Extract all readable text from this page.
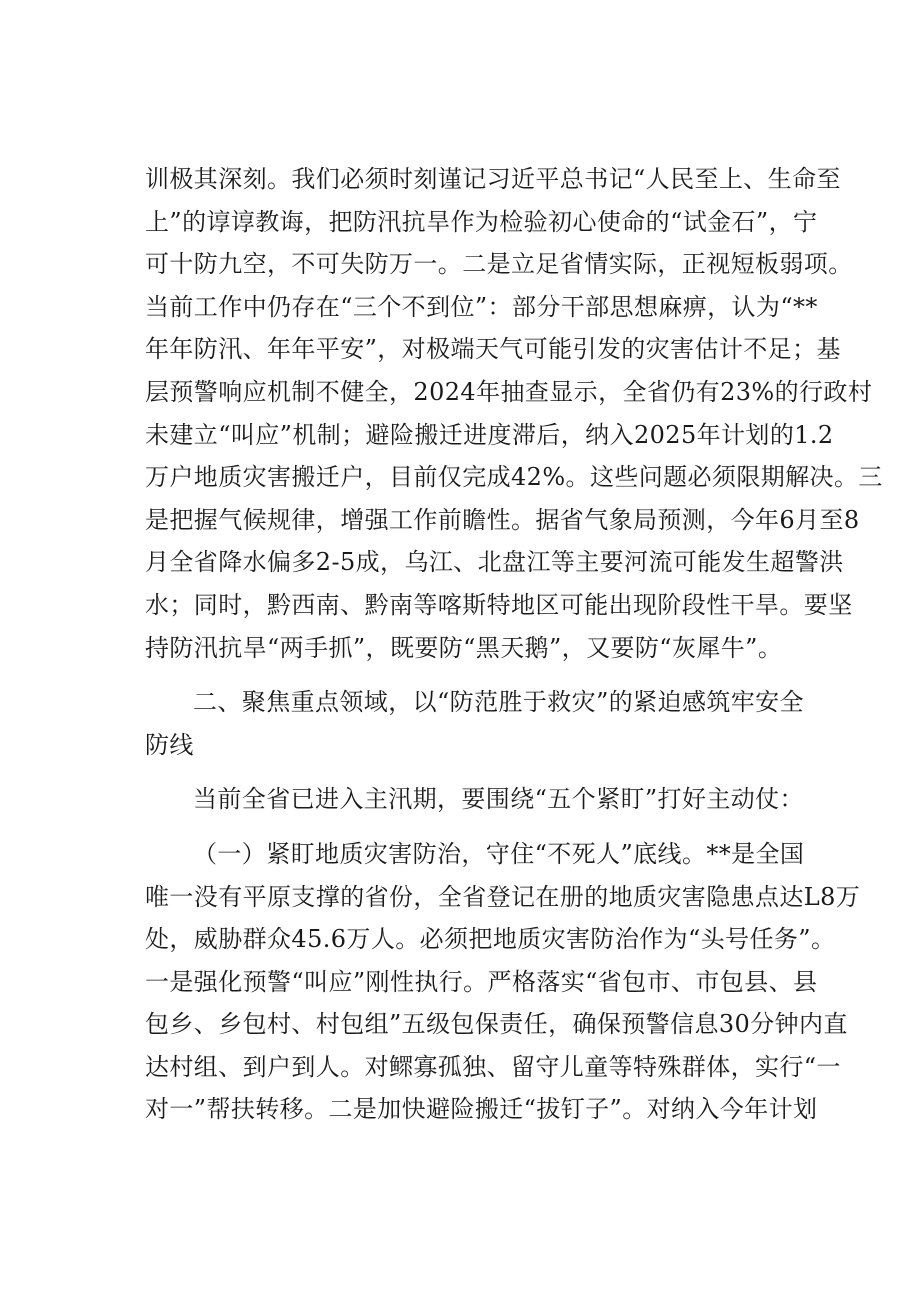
训极其深刻。我们必须时刻谨记习近平总书记“人民至上、生命至
上”的谆谆教诲，把防汛抗旱作为检验初心使命的“试金石”，宁
可十防九空，不可失防万一。二是立足省情实际，正视短板弱项。
当前工作中仍存在“三个不到位”：部分干部思想麻痹，认为“**
年年防汛、年年平安”，对极端天气可能引发的灾害估计不足；基
层预警响应机制不健全，2024年抽查显示，全省仍有23%的行政村
未建立“叫应”机制；避险搬迁进度滞后，纳入2025年计划的1.2
万户地质灾害搬迁户，目前仅完成42%。这些问题必须限期解决。三
是把握气候规律，增强工作前瞻性。据省气象局预测，今年6月至8
月全省降水偏多2-5成，乌江、北盘江等主要河流可能发生超警洪
水；同时，黔西南、黔南等喀斯特地区可能出现阶段性干旱。要坚
持防汛抗旱“两手抓”，既要防“黑天鹅”，又要防“灰犀牛”。
二、聚焦重点领域，以“防范胜于救灾”的紧迫感筑牢安全
防线
当前全省已进入主汛期，要围绕“五个紧盯”打好主动仗：
（一）紧盯地质灾害防治，守住“不死人”底线。**是全国
唯一没有平原支撑的省份，全省登记在册的地质灾害隐患点达L8万
处，威胁群众45.6万人。必须把地质灾害防治作为“头号任务”。
一是强化预警“叫应”刚性执行。严格落实“省包市、市包县、县
包乡、乡包村、村包组”五级包保责任，确保预警信息30分钟内直
达村组、到户到人。对鳏寡孤独、留守儿童等特殊群体，实行“一
对一”帮扶转移。二是加快避险搬迁“拔钉子”。对纳入今年计划
